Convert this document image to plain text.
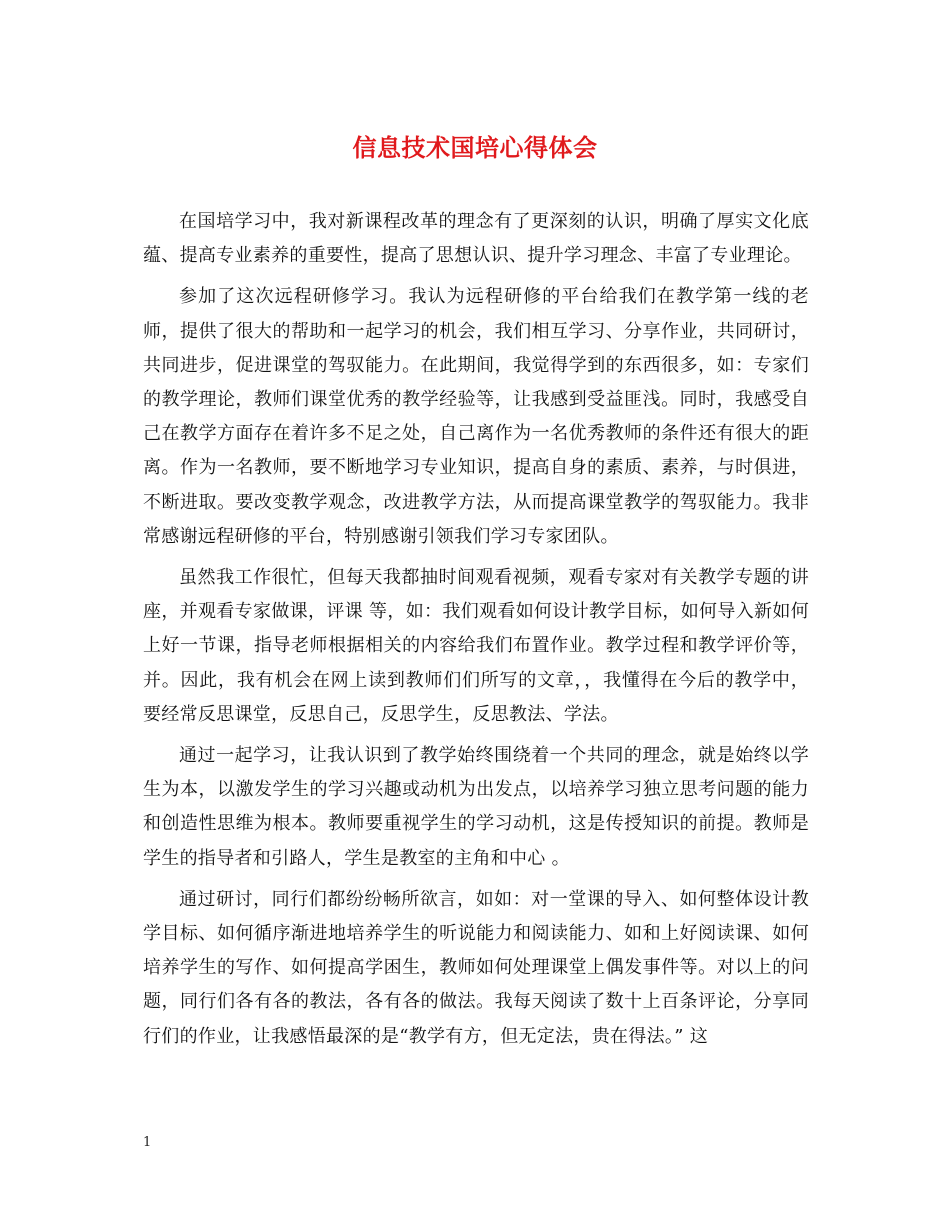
信息技术国培心得体会

在国培学习中，我对新课程改革的理念有了更深刻的认识，明确了厚实文化底蕴、提高专业素养的重要性，提高了思想认识、提升学习理念、丰富了专业理论。

参加了这次远程研修学习。我认为远程研修的平台给我们在教学第一线的老师，提供了很大的帮助和一起学习的机会，我们相互学习、分享作业，共同研讨，共同进步，促进课堂的驾驭能力。在此期间，我觉得学到的东西很多，如：专家们的教学理论，教师们课堂优秀的教学经验等，让我感到受益匪浅。同时，我感受自己在教学方面存在着许多不足之处，自己离作为一名优秀教师的条件还有很大的距离。作为一名教师，要不断地学习专业知识，提高自身的素质、素养，与时俱进，不断进取。要改变教学观念，改进教学方法，从而提高课堂教学的驾驭能力。我非常感谢远程研修的平台，特别感谢引领我们学习专家团队。

虽然我工作很忙，但每天我都抽时间观看视频，观看专家对有关教学专题的讲座，并观看专家做课，评课 等，如：我们观看如何设计教学目标，如何导入新如何上好一节课，指导老师根据相关的内容给我们布置作业。教学过程和教学评价等，并。因此，我有机会在网上读到教师们们所写的文章，，我懂得在今后的教学中，要经常反思课堂，反思自己，反思学生，反思教法、学法。

通过一起学习，让我认识到了教学始终围绕着一个共同的理念，就是始终以学生为本，以激发学生的学习兴趣或动机为出发点，以培养学习独立思考问题的能力和创造性思维为根本。教师要重视学生的学习动机，这是传授知识的前提。教师是学生的指导者和引路人，学生是教室的主角和中心 。

通过研讨，同行们都纷纷畅所欲言，如如：对一堂课的导入、如何整体设计教学目标、如何循序渐进地培养学生的听说能力和阅读能力、如和上好阅读课、如何培养学生的写作、如何提高学困生，教师如何处理课堂上偶发事件等。对以上的问题，同行们各有各的教法，各有各的做法。我每天阅读了数十上百条评论，分享同行们的作业，让我感悟最深的是“教学有方，但无定法，贵在得法。” 这

1
